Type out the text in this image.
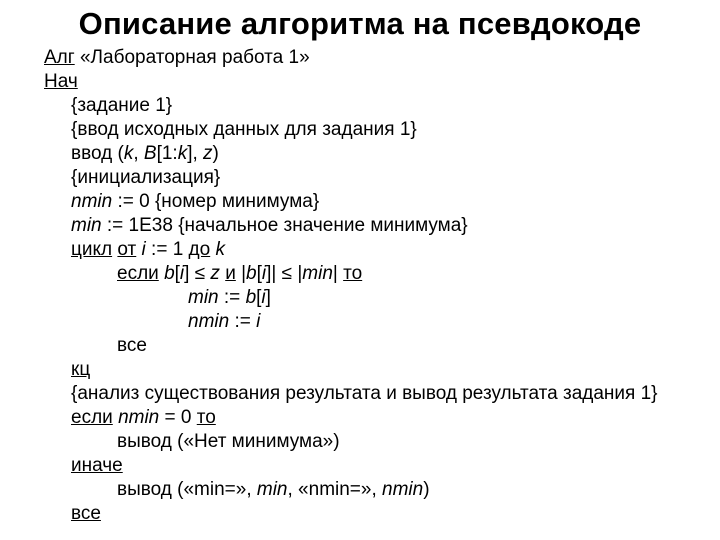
Описание алгоритма на псевдокоде
Алг «Лабораторная работа 1»
Нач
{задание 1}
{ввод исходных данных для задания 1}
ввод (k, B[1:k], z)
{инициализация}
nmin := 0 {номер минимума}
min := 1E38 {начальное значение минимума}
цикл от i := 1 до k
если b[i] ≤ z и |b[i]| ≤ |min| то
min := b[i]
nmin := i
все
кц
{анализ существования результата и вывод результата задания 1}
если nmin = 0 то
вывод («Нет минимума»)
иначе
вывод («min=», min, «nmin=», nmin)
все
